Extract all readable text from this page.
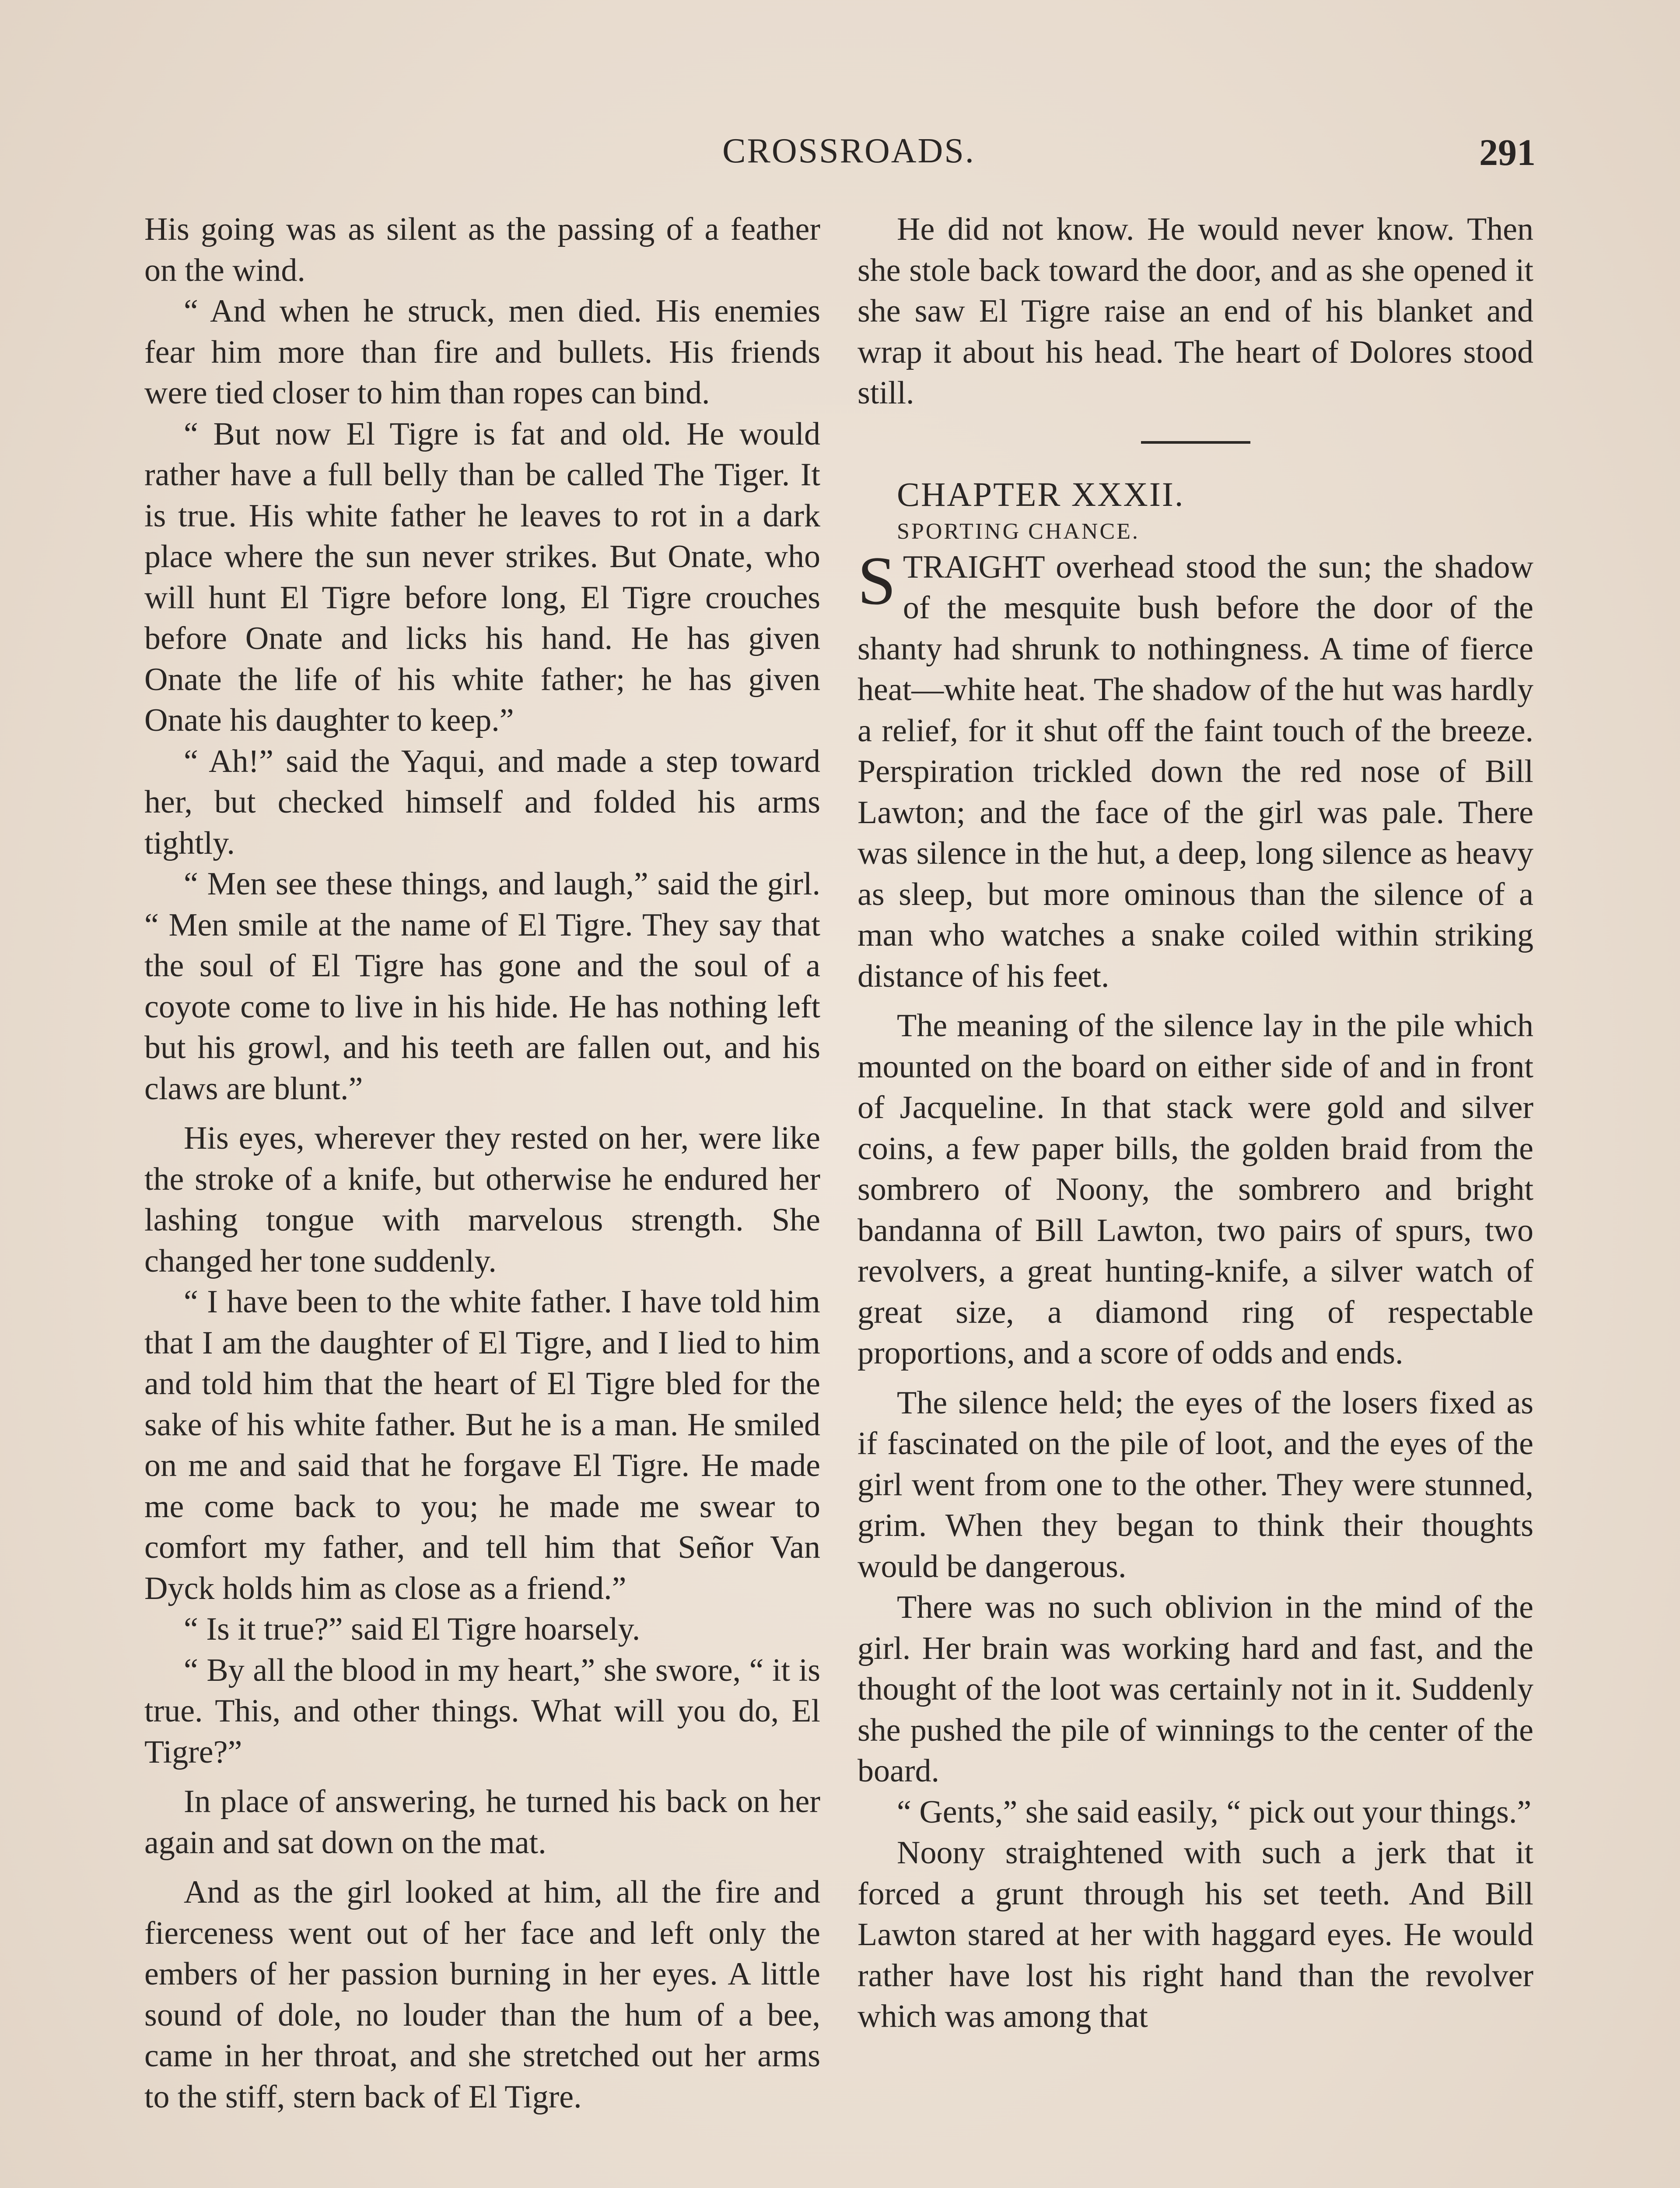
CROSSROADS.	291

His going was as silent as the passing of a feather on the wind.

“ And when he struck, men died. His enemies fear him more than fire and bullets. His friends were tied closer to him than ropes can bind.

“ But now El Tigre is fat and old. He would rather have a full belly than be called The Tiger. It is true. His white father he leaves to rot in a dark place where the sun never strikes. But Onate, who will hunt El Tigre before long, El Tigre crouches before Onate and licks his hand. He has given Onate the life of his white father; he has given Onate his daughter to keep.”

“ Ah!” said the Yaqui, and made a step toward her, but checked himself and folded his arms tightly.

“ Men see these things, and laugh,” said the girl. “ Men smile at the name of El Tigre. They say that the soul of El Tigre has gone and the soul of a coyote come to live in his hide. He has nothing left but his growl, and his teeth are fallen out, and his claws are blunt.”

His eyes, wherever they rested on her, were like the stroke of a knife, but otherwise he endured her lashing tongue with marvelous strength. She changed her tone suddenly.

“ I have been to the white father. I have told him that I am the daughter of El Tigre, and I lied to him and told him that the heart of El Tigre bled for the sake of his white father. But he is a man. He smiled on me and said that he forgave El Tigre. He made me come back to you; he made me swear to comfort my father, and tell him that Señor Van Dyck holds him as close as a friend.”

“ Is it true?” said El Tigre hoarsely.

“ By all the blood in my heart,” she swore, “ it is true. This, and other things. What will you do, El Tigre?”

In place of answering, he turned his back on her again and sat down on the mat.

And as the girl looked at him, all the fire and fierceness went out of her face and left only the embers of her passion burning in her eyes. A little sound of dole, no louder than the hum of a bee, came in her throat, and she stretched out her arms to the stiff, stern back of El Tigre.

He did not know. He would never know. Then she stole back toward the door, and as she opened it she saw El Tigre raise an end of his blanket and wrap it about his head. The heart of Dolores stood still.

CHAPTER XXXII.

SPORTING CHANCE.

STRAIGHT overhead stood the sun; the shadow of the mesquite bush before the door of the shanty had shrunk to nothingness. A time of fierce heat—white heat. The shadow of the hut was hardly a relief, for it shut off the faint touch of the breeze. Perspiration trickled down the red nose of Bill Lawton; and the face of the girl was pale. There was silence in the hut, a deep, long silence as heavy as sleep, but more ominous than the silence of a man who watches a snake coiled within striking distance of his feet.

The meaning of the silence lay in the pile which mounted on the board on either side of and in front of Jacqueline. In that stack were gold and silver coins, a few paper bills, the golden braid from the sombrero of Noony, the sombrero and bright bandanna of Bill Lawton, two pairs of spurs, two revolvers, a great hunting-knife, a silver watch of great size, a diamond ring of respectable proportions, and a score of odds and ends.

The silence held; the eyes of the losers fixed as if fascinated on the pile of loot, and the eyes of the girl went from one to the other. They were stunned, grim. When they began to think their thoughts would be dangerous.

There was no such oblivion in the mind of the girl. Her brain was working hard and fast, and the thought of the loot was certainly not in it. Suddenly she pushed the pile of winnings to the center of the board.

“ Gents,” she said easily, “ pick out your things.”

Noony straightened with such a jerk that it forced a grunt through his set teeth. And Bill Lawton stared at her with haggard eyes. He would rather have lost his right hand than the revolver which was among that
